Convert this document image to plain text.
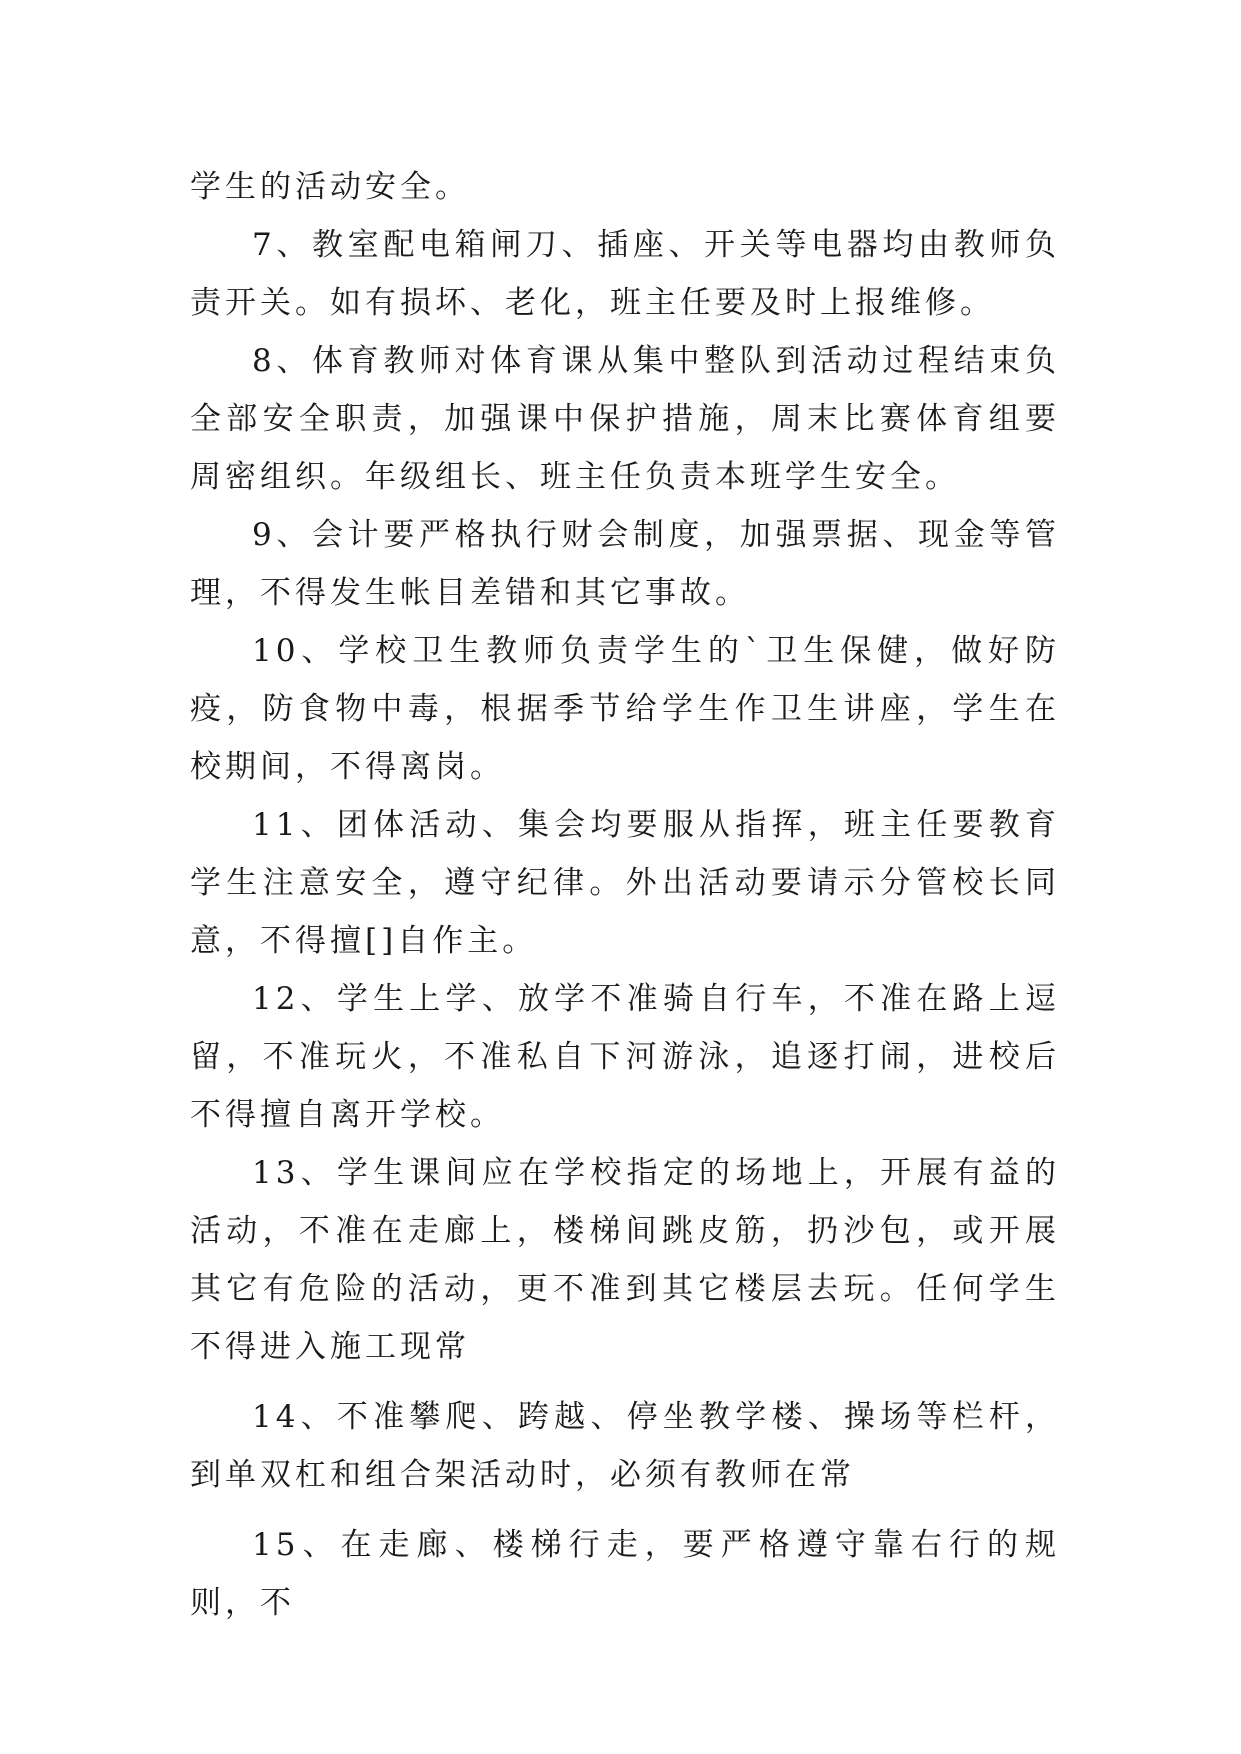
学生的活动安全。

7、教室配电箱闸刀、插座、开关等电器均由教师负责开关。如有损坏、老化，班主任要及时上报维修。

8、体育教师对体育课从集中整队到活动过程结束负全部安全职责，加强课中保护措施，周末比赛体育组要周密组织。年级组长、班主任负责本班学生安全。

9、会计要严格执行财会制度，加强票据、现金等管理，不得发生帐目差错和其它事故。

10、学校卫生教师负责学生的`卫生保健，做好防疫，防食物中毒，根据季节给学生作卫生讲座，学生在校期间，不得离岗。

11、团体活动、集会均要服从指挥，班主任要教育学生注意安全，遵守纪律。外出活动要请示分管校长同意，不得擅[]自作主。

12、学生上学、放学不准骑自行车，不准在路上逗留，不准玩火，不准私自下河游泳，追逐打闹，进校后不得擅自离开学校。

13、学生课间应在学校指定的场地上，开展有益的活动，不准在走廊上，楼梯间跳皮筋，扔沙包，或开展其它有危险的活动，更不准到其它楼层去玩。任何学生不得进入施工现常

14、不准攀爬、跨越、停坐教学楼、操场等栏杆，到单双杠和组合架活动时，必须有教师在常

15、在走廊、楼梯行走，要严格遵守靠右行的规则，不
